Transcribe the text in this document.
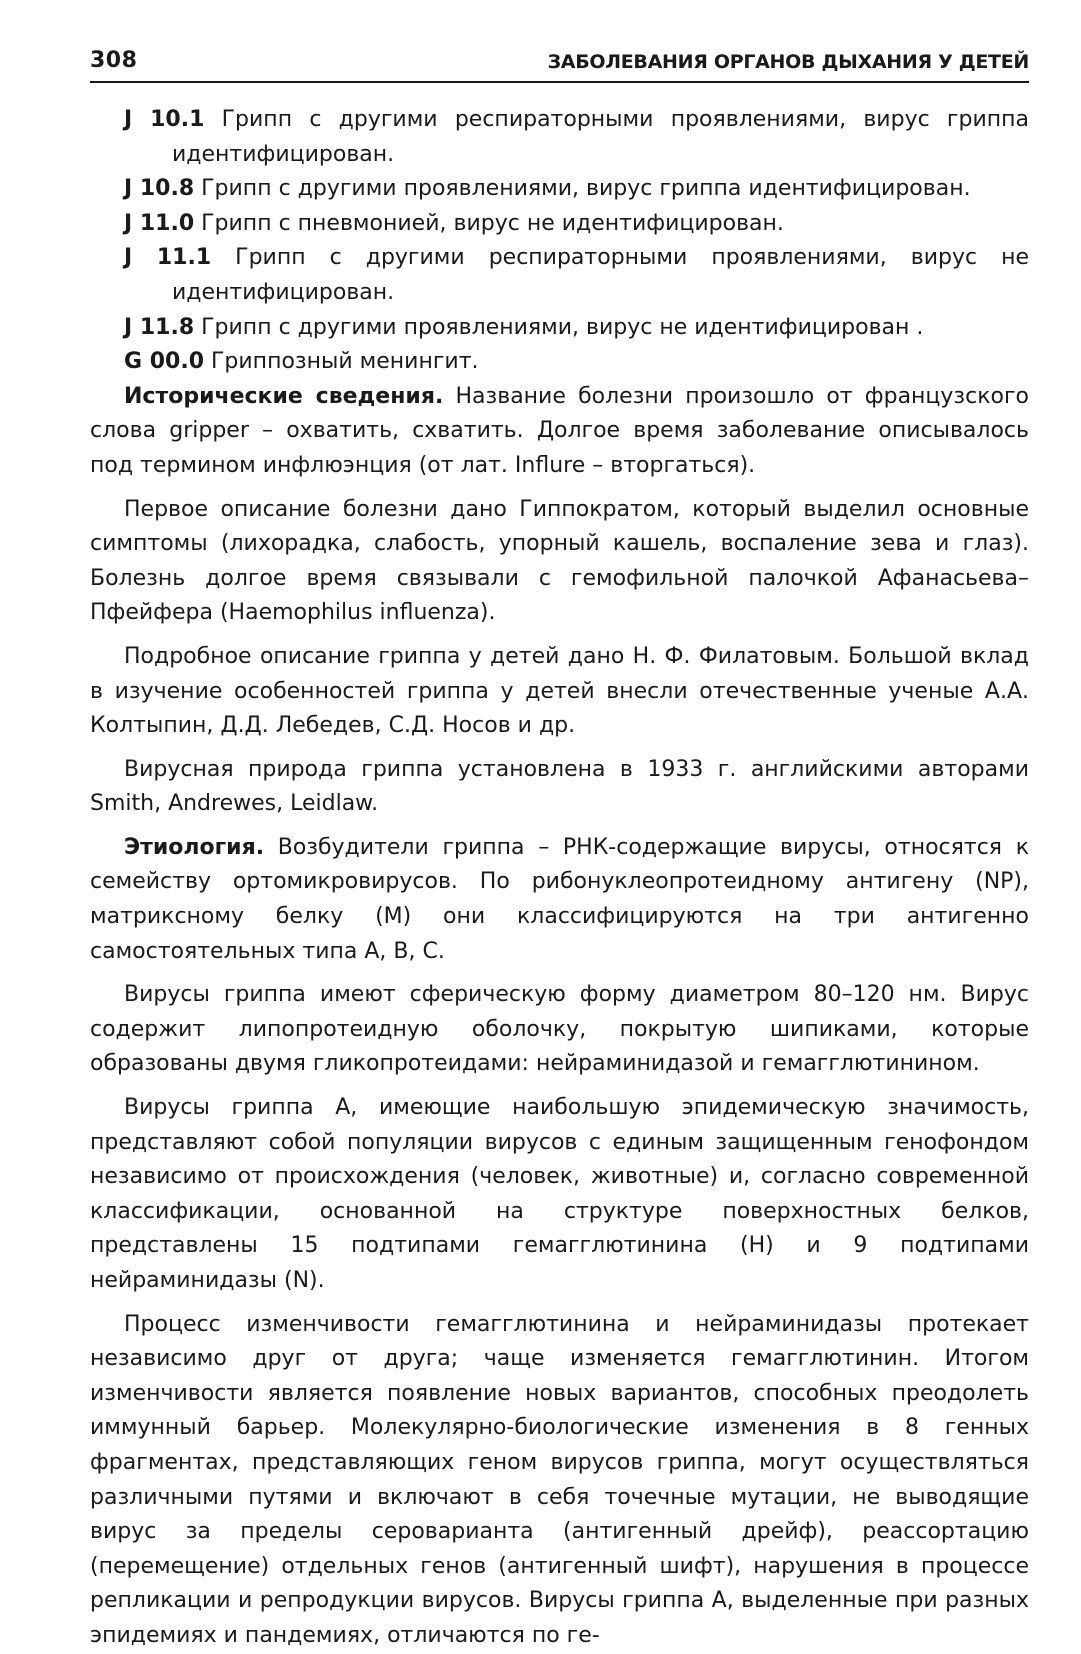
308	ЗАБОЛЕВАНИЯ ОРГАНОВ ДЫХАНИЯ У ДЕТЕЙ
J 10.1 Грипп с другими респираторными проявлениями, вирус гриппа идентифицирован.
J 10.8 Грипп с другими проявлениями, вирус гриппа идентифицирован.
J 11.0 Грипп с пневмонией, вирус не идентифицирован.
J 11.1 Грипп с другими респираторными проявлениями, вирус не идентифицирован.
J 11.8 Грипп с другими проявлениями, вирус не идентифицирован .
G 00.0 Гриппозный менингит.

Исторические сведения. Название болезни произошло от французского слова gripper – охватить, схватить. Долгое время заболевание описывалось под термином инфлюэнция (от лат. Influre – вторгаться).

Первое описание болезни дано Гиппократом, который выделил основные симптомы (лихорадка, слабость, упорный кашель, воспаление зева и глаз). Болезнь долгое время связывали с гемофильной палочкой Афанасьева–Пфейфера (Haemophilus influenza).

Подробное описание гриппа у детей дано Н. Ф. Филатовым. Большой вклад в изучение особенностей гриппа у детей внесли отечественные ученые А.А. Колтыпин, Д.Д. Лебедев, С.Д. Носов и др.

Вирусная природа гриппа установлена в 1933 г. английскими авторами Smith, Andrewes, Leidlaw.

Этиология. Возбудители гриппа – РНК-содержащие вирусы, относятся к семейству ортомикровирусов. По рибонуклеопротеидному антигену (NP), матриксному белку (M) они классифицируются на три антигенно самостоятельных типа A, B, C.

Вирусы гриппа имеют сферическую форму диаметром 80–120 нм. Вирус содержит липопротеидную оболочку, покрытую шипиками, которые образованы двумя гликопротеидами: нейраминидазой и гемагглютинином.

Вирусы гриппа A, имеющие наибольшую эпидемическую значимость, представляют собой популяции вирусов с единым защищенным генофондом независимо от происхождения (человек, животные) и, согласно современной классификации, основанной на структуре поверхностных белков, представлены 15 подтипами гемагглютинина (H) и 9 подтипами нейраминидазы (N).

Процесс изменчивости гемагглютинина и нейраминидазы протекает независимо друг от друга; чаще изменяется гемагглютинин. Итогом изменчивости является появление новых вариантов, способных преодолеть иммунный барьер. Молекулярно-биологические изменения в 8 генных фрагментах, представляющих геном вирусов гриппа, могут осуществляться различными путями и включают в себя точечные мутации, не выводящие вирус за пределы серοварианта (антигенный дрейф), реассортацию (перемещение) отдельных генов (антигенный шифт), нарушения в процессе репликации и репродукции вирусов. Вирусы гриппа A, выделенные при разных эпидемиях и пандемиях, отличаются по ге-
